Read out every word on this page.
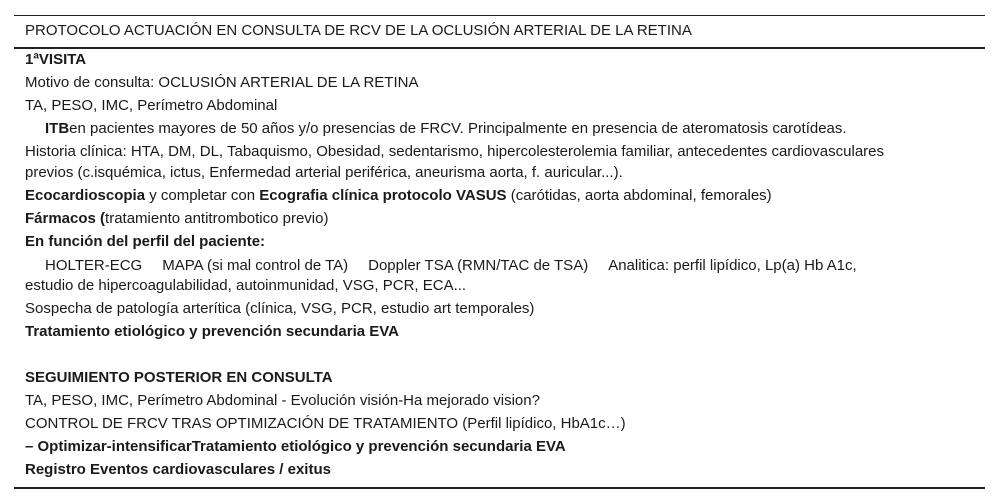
PROTOCOLO ACTUACIÓN EN CONSULTA DE RCV DE LA OCLUSIÓN ARTERIAL DE LA RETINA
1ªVISITA
Motivo de consulta: OCLUSIÓN ARTERIAL DE LA RETINA
TA, PESO, IMC, Perímetro Abdominal
ITBen pacientes mayores de 50 años y/o presencias de FRCV. Principalmente en presencia de ateromatosis carotídeas.
Historia clínica: HTA, DM, DL, Tabaquismo, Obesidad, sedentarismo, hipercolesterolemia familiar, antecedentes cardiovasculares
previos (c.isquémica, ictus, Enfermedad arterial periférica, aneurisma aorta, f. auricular...).
Ecocardioscopia y completar con Ecografia clínica protocolo VASUS (carótidas, aorta abdominal, femorales)
Fármacos (tratamiento antitrombotico previo)
En función del perfil del paciente:
HOLTER-ECG MAPA (si mal control de TA) Doppler TSA (RMN/TAC de TSA) Analitica: perfil lipídico, Lp(a) Hb A1c,
estudio de hipercoagulabilidad, autoinmunidad, VSG, PCR, ECA...
Sospecha de patología arterítica (clínica, VSG, PCR, estudio art temporales)
Tratamiento etiológico y prevención secundaria EVA
SEGUIMIENTO POSTERIOR EN CONSULTA
TA, PESO, IMC, Perímetro Abdominal - Evolución visión-Ha mejorado vision?
CONTROL DE FRCV TRAS OPTIMIZACIÓN DE TRATAMIENTO (Perfil lipídico, HbA1c…)
– Optimizar-intensificarTratamiento etiológico y prevención secundaria EVA
Registro Eventos cardiovasculares / exitus
